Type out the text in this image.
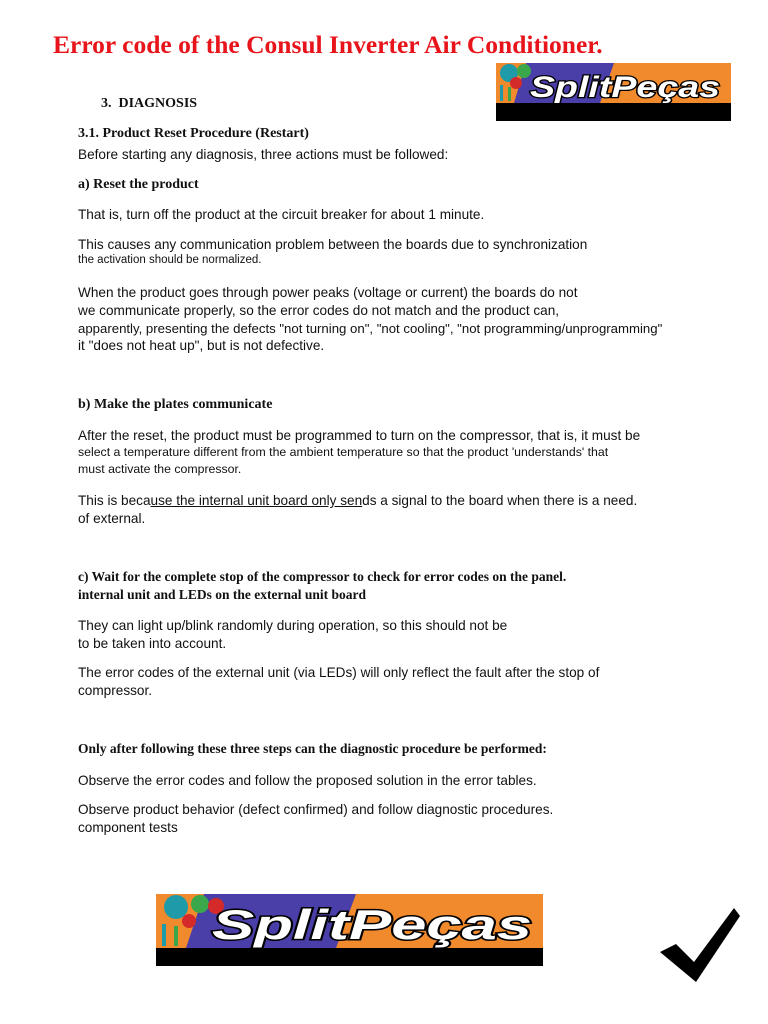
Error code of the Consul Inverter Air Conditioner.
SplitPeças
3. DIAGNOSIS
3.1. Product Reset Procedure (Restart)
Before starting any diagnosis, three actions must be followed:
a) Reset the product
That is, turn off the product at the circuit breaker for about 1 minute.
This causes any communication problem between the boards due to synchronization
the activation should be normalized.
When the product goes through power peaks (voltage or current) the boards do not
we communicate properly, so the error codes do not match and the product can,
apparently, presenting the defects "not turning on", "not cooling", "not programming/unprogramming"
it "does not heat up", but is not defective.
b) Make the plates communicate
After the reset, the product must be programmed to turn on the compressor, that is, it must be
select a temperature different from the ambient temperature so that the product 'understands' that
must activate the compressor.
This is because the internal unit board only sends a signal to the board when there is a need.
of external.
c) Wait for the complete stop of the compressor to check for error codes on the panel.
internal unit and LEDs on the external unit board
They can light up/blink randomly during operation, so this should not be
to be taken into account.
The error codes of the external unit (via LEDs) will only reflect the fault after the stop of
compressor.
Only after following these three steps can the diagnostic procedure be performed:
Observe the error codes and follow the proposed solution in the error tables.
Observe product behavior (defect confirmed) and follow diagnostic procedures.
component tests
SplitPeças
